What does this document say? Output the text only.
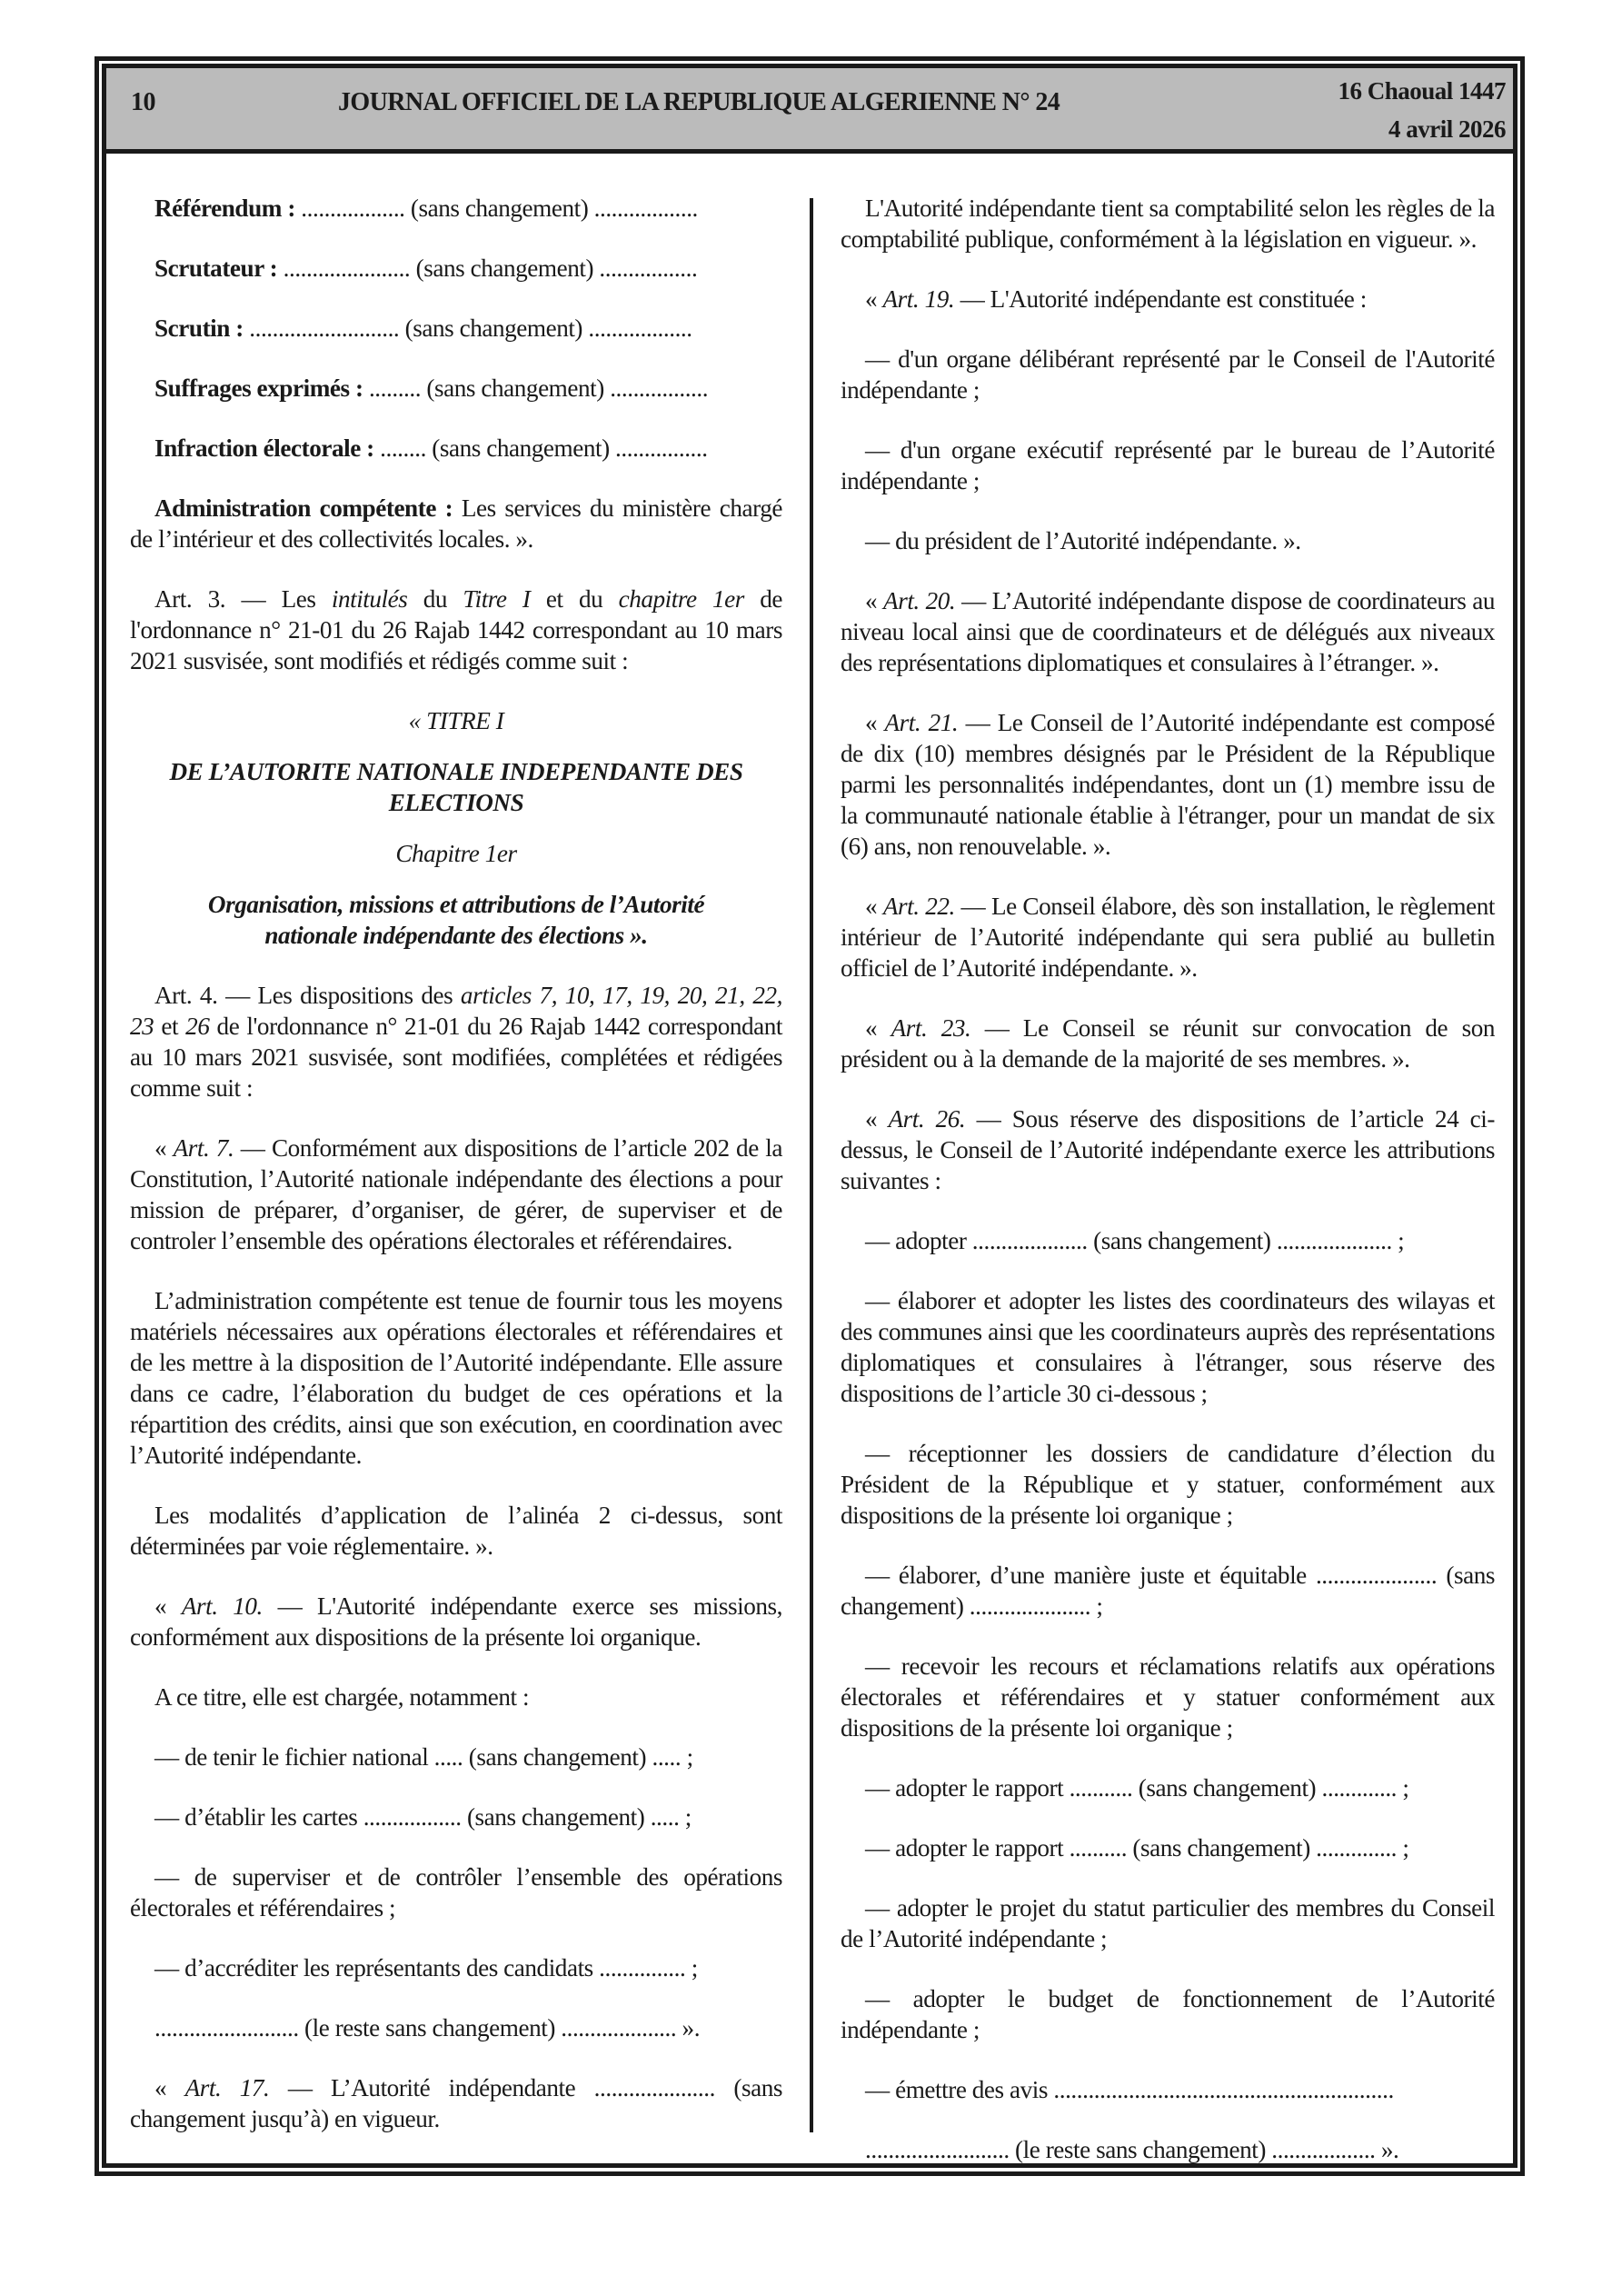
10	JOURNAL OFFICIEL DE LA REPUBLIQUE ALGERIENNE N° 24	16 Chaoual 1447
4 avril 2026

Référendum : .................. (sans changement) ..................

Scrutateur : ...................... (sans changement) .................

Scrutin : .......................... (sans changement) ..................

Suffrages exprimés : ......... (sans changement) .................

Infraction électorale : ........ (sans changement) ................

Administration compétente : Les services du ministère chargé de l’intérieur et des collectivités locales. ».

Art. 3. — Les intitulés du Titre I et du chapitre 1er de l'ordonnance n° 21-01 du 26 Rajab 1442 correspondant au 10 mars 2021 susvisée, sont modifiés et rédigés comme suit :

« TITRE I

DE L’AUTORITE NATIONALE INDEPENDANTE DES ELECTIONS

Chapitre 1er

Organisation, missions et attributions de l’Autorité nationale indépendante des élections ».

Art. 4. — Les dispositions des articles 7, 10, 17, 19, 20, 21, 22, 23 et 26 de l'ordonnance n° 21-01 du 26 Rajab 1442 correspondant au 10 mars 2021 susvisée, sont modifiées, complétées et rédigées comme suit :

« Art. 7. — Conformément aux dispositions de l’article 202 de la Constitution, l’Autorité nationale indépendante des élections a pour mission de préparer, d’organiser, de gérer, de superviser et de controler l’ensemble des opérations électorales et référendaires.

L’administration compétente est tenue de fournir tous les moyens matériels nécessaires aux opérations électorales et référendaires et de les mettre à la disposition de l’Autorité indépendante. Elle assure dans ce cadre, l’élaboration du budget de ces opérations et la répartition des crédits, ainsi que son exécution, en coordination avec l’Autorité indépendante.

Les modalités d’application de l’alinéa 2 ci-dessus, sont déterminées par voie réglementaire. ».

« Art. 10. — L'Autorité indépendante exerce ses missions, conformément aux dispositions de la présente loi organique.

A ce titre, elle est chargée, notamment :

— de tenir le fichier national ..... (sans changement) ..... ;

— d’établir les cartes ................. (sans changement) ..... ;

— de superviser et de contrôler l’ensemble des opérations électorales et référendaires ;

— d’accréditer les représentants des candidats ............... ;

......................... (le reste sans changement) .................... ».

« Art. 17. — L’Autorité indépendante ..................... (sans changement jusqu’à) en vigueur.

L'Autorité indépendante tient sa comptabilité selon les règles de la comptabilité publique, conformément à la législation en vigueur. ».

« Art. 19. — L'Autorité indépendante est constituée :

— d'un organe délibérant représenté par le Conseil de l'Autorité indépendante ;

— d'un organe exécutif représenté par le bureau de l’Autorité indépendante ;

— du président de l’Autorité indépendante. ».

« Art. 20. — L’Autorité indépendante dispose de coordinateurs au niveau local ainsi que de coordinateurs et de délégués aux niveaux des représentations diplomatiques et consulaires à l’étranger. ».

« Art. 21. — Le Conseil de l’Autorité indépendante est composé de dix (10) membres désignés par le Président de la République parmi les personnalités indépendantes, dont un (1) membre issu de la communauté nationale établie à l'étranger, pour un mandat de six (6) ans, non renouvelable. ».

« Art. 22. — Le Conseil élabore, dès son installation, le règlement intérieur de l’Autorité indépendante qui sera publié au bulletin officiel de l’Autorité indépendante. ».

« Art. 23. — Le Conseil se réunit sur convocation de son président ou à la demande de la majorité de ses membres. ».

« Art. 26. — Sous réserve des dispositions de l’article 24 ci-dessus, le Conseil de l’Autorité indépendante exerce les attributions suivantes :

— adopter .................... (sans changement) .................... ;

— élaborer et adopter les listes des coordinateurs des wilayas et des communes ainsi que les coordinateurs auprès des représentations diplomatiques et consulaires à l'étranger, sous réserve des dispositions de l’article 30 ci-dessous ;

— réceptionner les dossiers de candidature d’élection du Président de la République et y statuer, conformément aux dispositions de la présente loi organique ;

— élaborer, d’une manière juste et équitable ..................... (sans changement) ..................... ;

— recevoir les recours et réclamations relatifs aux opérations électorales et référendaires et y statuer conformément aux dispositions de la présente loi organique ;

— adopter le rapport ........... (sans changement) ............. ;

— adopter le rapport .......... (sans changement) .............. ;

— adopter le projet du statut particulier des membres du Conseil de l’Autorité indépendante ;

— adopter le budget de fonctionnement de l’Autorité indépendante ;

— émettre des avis ...........................................................

......................... (le reste sans changement) .................. ».
